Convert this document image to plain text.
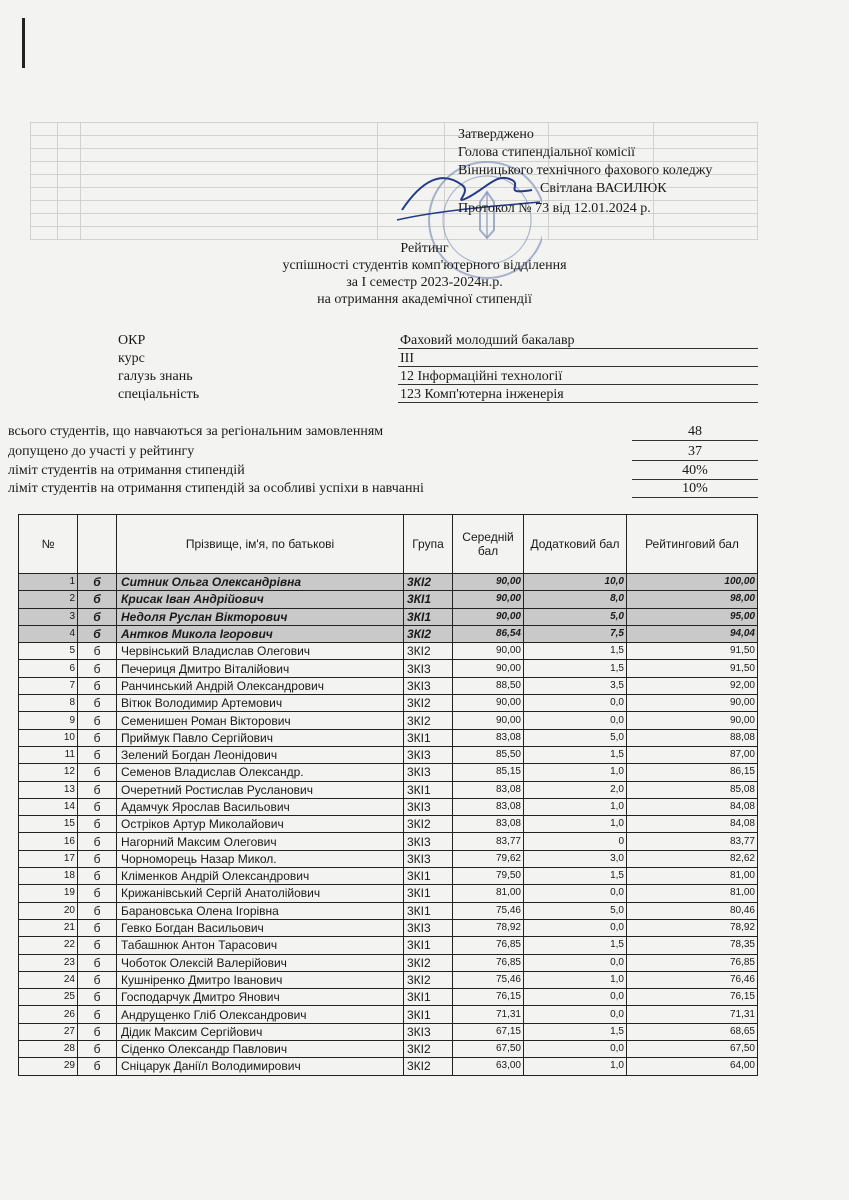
Затверджено
Голова стипендіальної комісії
Вінницького технічного фахового коледжу
Світлана ВАСИЛЮК
Протокол № 73 від 12.01.2024 р.
Рейтинг
успішності студентів комп'ютерного відділення
за І семестр 2023-2024н.р.
на отримання академічної стипендії
ОКР	Фаховий молодший бакалавр
курс	ІІІ
галузь знань	12 Інформаційні технології
спеціальність	123 Комп'ютерна інженерія
всього студентів, що навчаються за регіональним замовленням	48
допущено до участі у рейтингу	37
ліміт студентів на отримання стипендій	40%
ліміт студентів на отримання стипендій за особливі успіхи в навчанні	10%
№		Прізвище, ім'я, по батькові	Група	Середній бал	Додатковий бал	Рейтинговий бал
1	б	Ситник Ольга Олександрівна	3КІ2	90,00	10,0	100,00
2	б	Крисак Іван Андрійович	3КІ1	90,00	8,0	98,00
3	б	Недоля Руслан Вікторович	3КІ1	90,00	5,0	95,00
4	б	Антков Микола Ігорович	3КІ2	86,54	7,5	94,04
5	б	Червінський Владислав Олегович	3КІ2	90,00	1,5	91,50
6	б	Печериця Дмитро Віталійович	3КІ3	90,00	1,5	91,50
7	б	Ранчинський Андрій Олександрович	3КІ3	88,50	3,5	92,00
8	б	Вітюк Володимир Артемович	3КІ2	90,00	0,0	90,00
9	б	Семенишен Роман Вікторович	3КІ2	90,00	0,0	90,00
10	б	Приймук Павло Сергійович	3КІ1	83,08	5,0	88,08
11	б	Зелений Богдан Леонідович	3КІ3	85,50	1,5	87,00
12	б	Семенов Владислав Олександр.	3КІ3	85,15	1,0	86,15
13	б	Очеретний Ростислав Русланович	3КІ1	83,08	2,0	85,08
14	б	Адамчук Ярослав Васильович	3КІ3	83,08	1,0	84,08
15	б	Остріков Артур Миколайович	3КІ2	83,08	1,0	84,08
16	б	Нагорний Максим Олегович	3КІ3	83,77	0	83,77
17	б	Чорноморець Назар Микол.	3КІ3	79,62	3,0	82,62
18	б	Кліменков Андрій Олександрович	3КІ1	79,50	1,5	81,00
19	б	Крижанівський Сергій Анатолійович	3КІ1	81,00	0,0	81,00
20	б	Барановська Олена Ігорівна	3КІ1	75,46	5,0	80,46
21	б	Гевко Богдан Васильович	3КІ3	78,92	0,0	78,92
22	б	Табашнюк Антон Тарасович	3КІ1	76,85	1,5	78,35
23	б	Чоботок Олексій Валерійович	3КІ2	76,85	0,0	76,85
24	б	Кушніренко Дмитро Іванович	3КІ2	75,46	1,0	76,46
25	б	Господарчук Дмитро Янович	3КІ1	76,15	0,0	76,15
26	б	Андрущенко Гліб Олександрович	3КІ1	71,31	0,0	71,31
27	б	Дідик Максим Сергійович	3КІ3	67,15	1,5	68,65
28	б	Сіденко Олександр Павлович	3КІ2	67,50	0,0	67,50
29	б	Сніцарук Даніїл Володимирович	3КІ2	63,00	1,0	64,00
